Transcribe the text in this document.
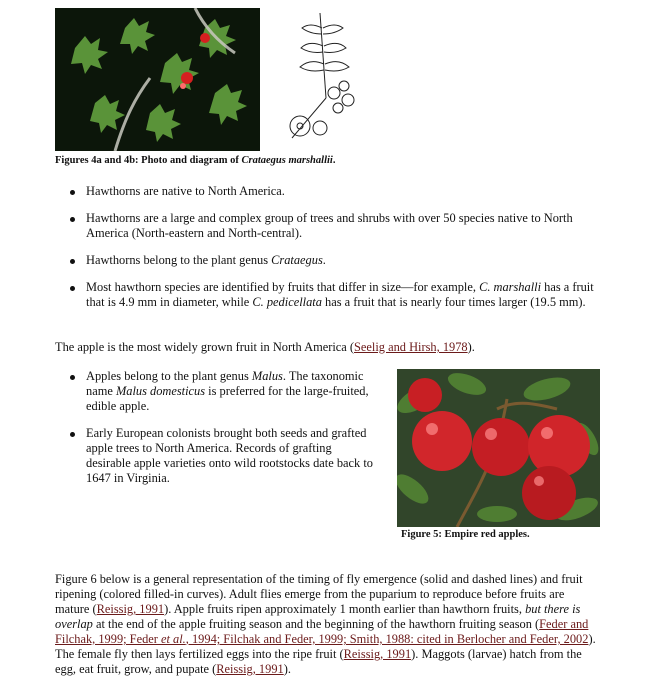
Figures 4a and 4b: Photo and diagram of Crataegus marshallii.
Hawthorns are native to North America.
Hawthorns are a large and complex group of trees and shrubs with over 50 species native to North America (North-eastern and North-central).
Hawthorns belong to the plant genus Crataegus.
Most hawthorn species are identified by fruits that differ in size—for example, C. marshalli has a fruit that is 4.9 mm in diameter, while C. pedicellata has a fruit that is nearly four times larger (19.5 mm).

The apple is the most widely grown fruit in North America (Seelig and Hirsh, 1978).

Apples belong to the plant genus Malus. The taxonomic name Malus domesticus is preferred for the large-fruited, edible apple.
Early European colonists brought both seeds and grafted apple trees to North America. Records of grafting desirable apple varieties onto wild rootstocks date back to 1647 in Virginia.
Figure 5: Empire red apples.

Figure 6 below is a general representation of the timing of fly emergence (solid and dashed lines) and fruit ripening (colored filled-in curves). Adult flies emerge from the puparium to reproduce before fruits are mature (Reissig, 1991). Apple fruits ripen approximately 1 month earlier than hawthorn fruits, but there is overlap at the end of the apple fruiting season and the beginning of the hawthorn fruiting season (Feder and Filchak, 1999; Feder et al., 1994; Filchak and Feder, 1999; Smith, 1988: cited in Berlocher and Feder, 2002). The female fly then lays fertilized eggs into the ripe fruit (Reissig, 1991). Maggots (larvae) hatch from the egg, eat fruit, grow, and pupate (Reissig, 1991).
